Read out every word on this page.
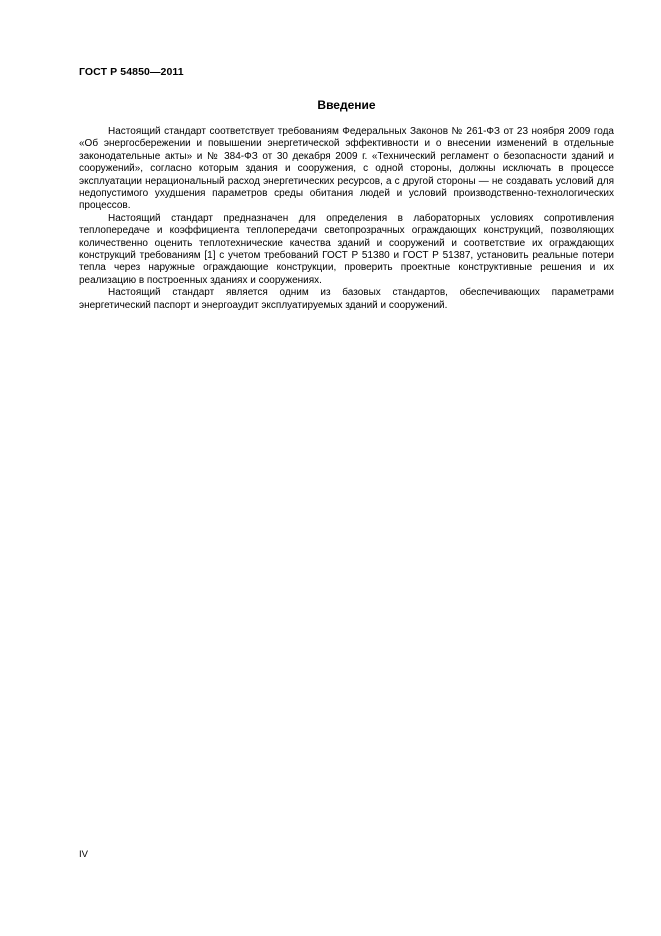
ГОСТ Р 54850—2011
Введение

Настоящий стандарт соответствует требованиям Федеральных Законов № 261-ФЗ от 23 ноября 2009 года «Об энергосбережении и повышении энергетической эффективности и о внесении изменений в отдельные законодательные акты» и № 384-ФЗ от 30 декабря 2009 г. «Технический регламент о безопасности зданий и сооружений», согласно которым здания и сооружения, с одной стороны, должны исключать в процессе эксплуатации нерациональный расход энергетических ресурсов, а с другой стороны — не создавать условий для недопустимого ухудшения параметров среды обитания людей и условий производственно-технологических процессов.

Настоящий стандарт предназначен для определения в лабораторных условиях сопротивления теплопередаче и коэффициента теплопередачи светопрозрачных ограждающих конструкций, позволяющих количественно оценить теплотехнические качества зданий и сооружений и соответствие их ограждающих конструкций требованиям [1] с учетом требований ГОСТ Р 51380 и ГОСТ Р 51387, установить реальные потери тепла через наружные ограждающие конструкции, проверить проектные конструктивные решения и их реализацию в построенных зданиях и сооружениях.

Настоящий стандарт является одним из базовых стандартов, обеспечивающих параметрами энергетический паспорт и энергоаудит эксплуатируемых зданий и сооружений.

IV
